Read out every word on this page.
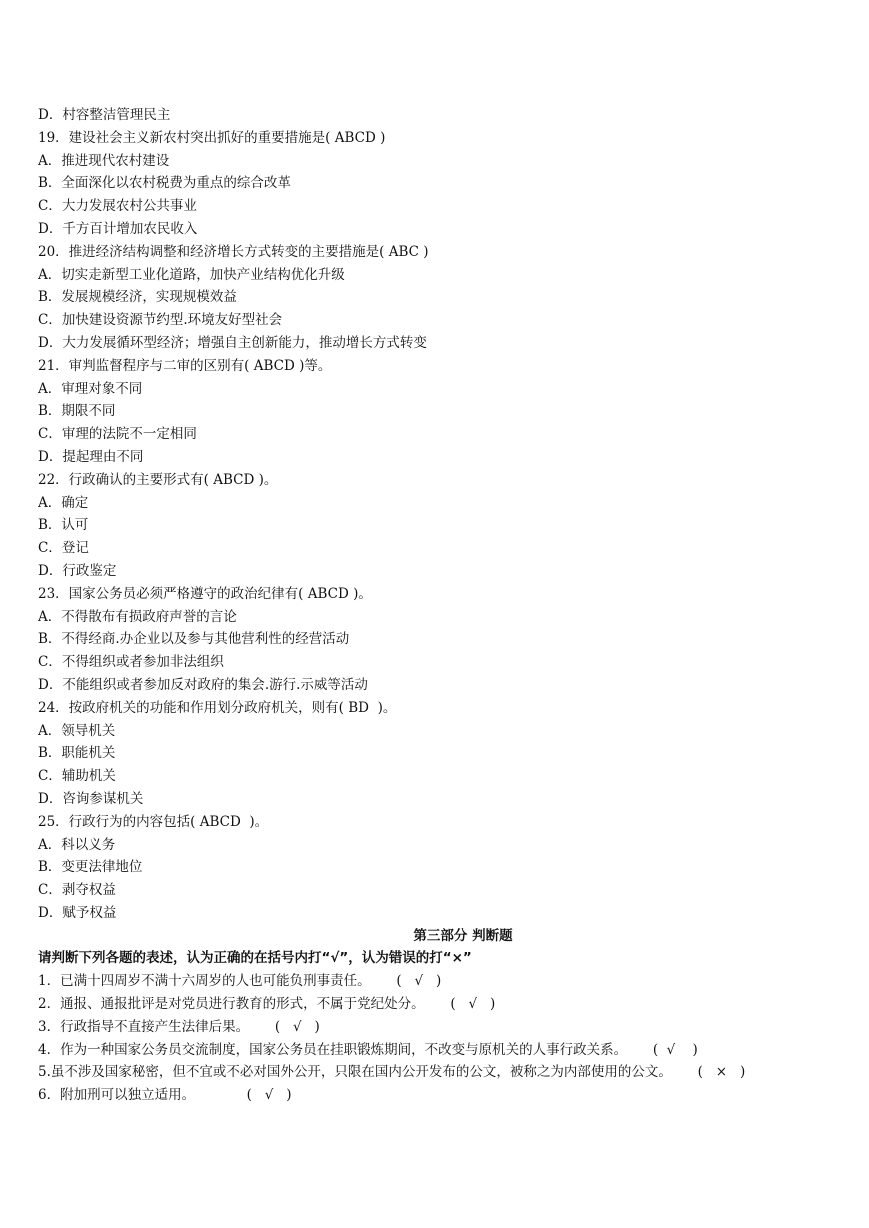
D．村容整洁管理民主
19．建设社会主义新农村突出抓好的重要措施是( ABCD )
A．推进现代农村建设
B．全面深化以农村税费为重点的综合改革
C．大力发展农村公共事业
D．千方百计增加农民收入
20．推进经济结构调整和经济增长方式转变的主要措施是( ABC )
A．切实走新型工业化道路，加快产业结构优化升级
B．发展规模经济，实现规模效益
C．加快建设资源节约型.环境友好型社会
D．大力发展循环型经济；增强自主创新能力，推动增长方式转变
21．审判监督程序与二审的区别有( ABCD )等。
A．审理对象不同
B．期限不同
C．审理的法院不一定相同
D．提起理由不同
22．行政确认的主要形式有( ABCD )。
A．确定
B．认可
C．登记
D．行政鉴定
23．国家公务员必须严格遵守的政治纪律有( ABCD )。
A．不得散布有损政府声誉的言论
B．不得经商.办企业以及参与其他营利性的经营活动
C．不得组织或者参加非法组织
D．不能组织或者参加反对政府的集会.游行.示威等活动
24．按政府机关的功能和作用划分政府机关，则有( BD  )。
A．领导机关
B．职能机关
C．辅助机关
D．咨询参谋机关
25．行政行为的内容包括( ABCD  )。
A．科以义务
B．变更法律地位
C．剥夺权益
D．赋予权益
第三部分 判断题
请判断下列各题的表述，认为正确的在括号内打“√”，认为错误的打“×”
1．已满十四周岁不满十六周岁的人也可能负刑事责任。      (   √   )
2．通报、通报批评是对党员进行教育的形式，不属于党纪处分。      (   √   )
3．行政指导不直接产生法律后果。      (   √   )
4．作为一种国家公务员交流制度，国家公务员在挂职锻炼期间，不改变与原机关的人事行政关系。      (  √    )
5.虽不涉及国家秘密，但不宜或不必对国外公开，只限在国内公开发布的公文，被称之为内部使用的公文。      (   ×   )
6．附加刑可以独立适用。            (   √   )
